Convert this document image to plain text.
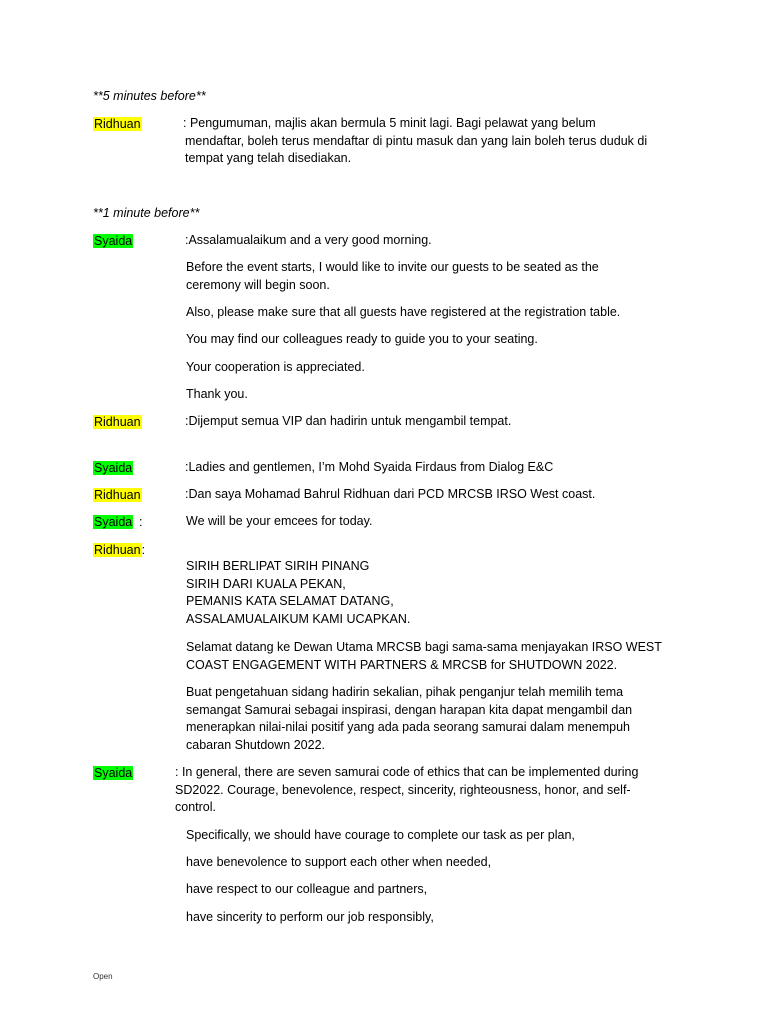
**5 minutes before**
Ridhuan	: Pengumuman, majlis akan bermula 5 minit lagi. Bagi pelawat yang belum
mendaftar, boleh terus mendaftar di pintu masuk dan yang lain boleh terus duduk di
tempat yang telah disediakan.
**1 minute before**
Syaida	:Assalamualaikum and a very good morning.
Before the event starts, I would like to invite our guests to be seated as the
ceremony will begin soon.
Also, please make sure that all guests have registered at the registration table.
You may find our colleagues ready to guide you to your seating.
Your cooperation is appreciated.
Thank you.
Ridhuan	:Dijemput semua VIP dan hadirin untuk mengambil tempat.
Syaida	:Ladies and gentlemen, I’m Mohd Syaida Firdaus from Dialog E&C
Ridhuan	:Dan saya Mohamad Bahrul Ridhuan dari PCD MRCSB IRSO West coast.
Syaida :	We will be your emcees for today.
Ridhuan:
SIRIH BERLIPAT SIRIH PINANG
SIRIH DARI KUALA PEKAN,
PEMANIS KATA SELAMAT DATANG,
ASSALAMUALAIKUM KAMI UCAPKAN.
Selamat datang ke Dewan Utama MRCSB bagi sama-sama menjayakan IRSO WEST
COAST ENGAGEMENT WITH PARTNERS & MRCSB for SHUTDOWN 2022.
Buat pengetahuan sidang hadirin sekalian, pihak penganjur telah memilih tema
semangat Samurai sebagai inspirasi, dengan harapan kita dapat mengambil dan
menerapkan nilai-nilai positif yang ada pada seorang samurai dalam menempuh
cabaran Shutdown 2022.
Syaida	: In general, there are seven samurai code of ethics that can be implemented during
SD2022. Courage, benevolence, respect, sincerity, righteousness, honor, and self-
control.
Specifically, we should have courage to complete our task as per plan,
have benevolence to support each other when needed,
have respect to our colleague and partners,
have sincerity to perform our job responsibly,
Open
